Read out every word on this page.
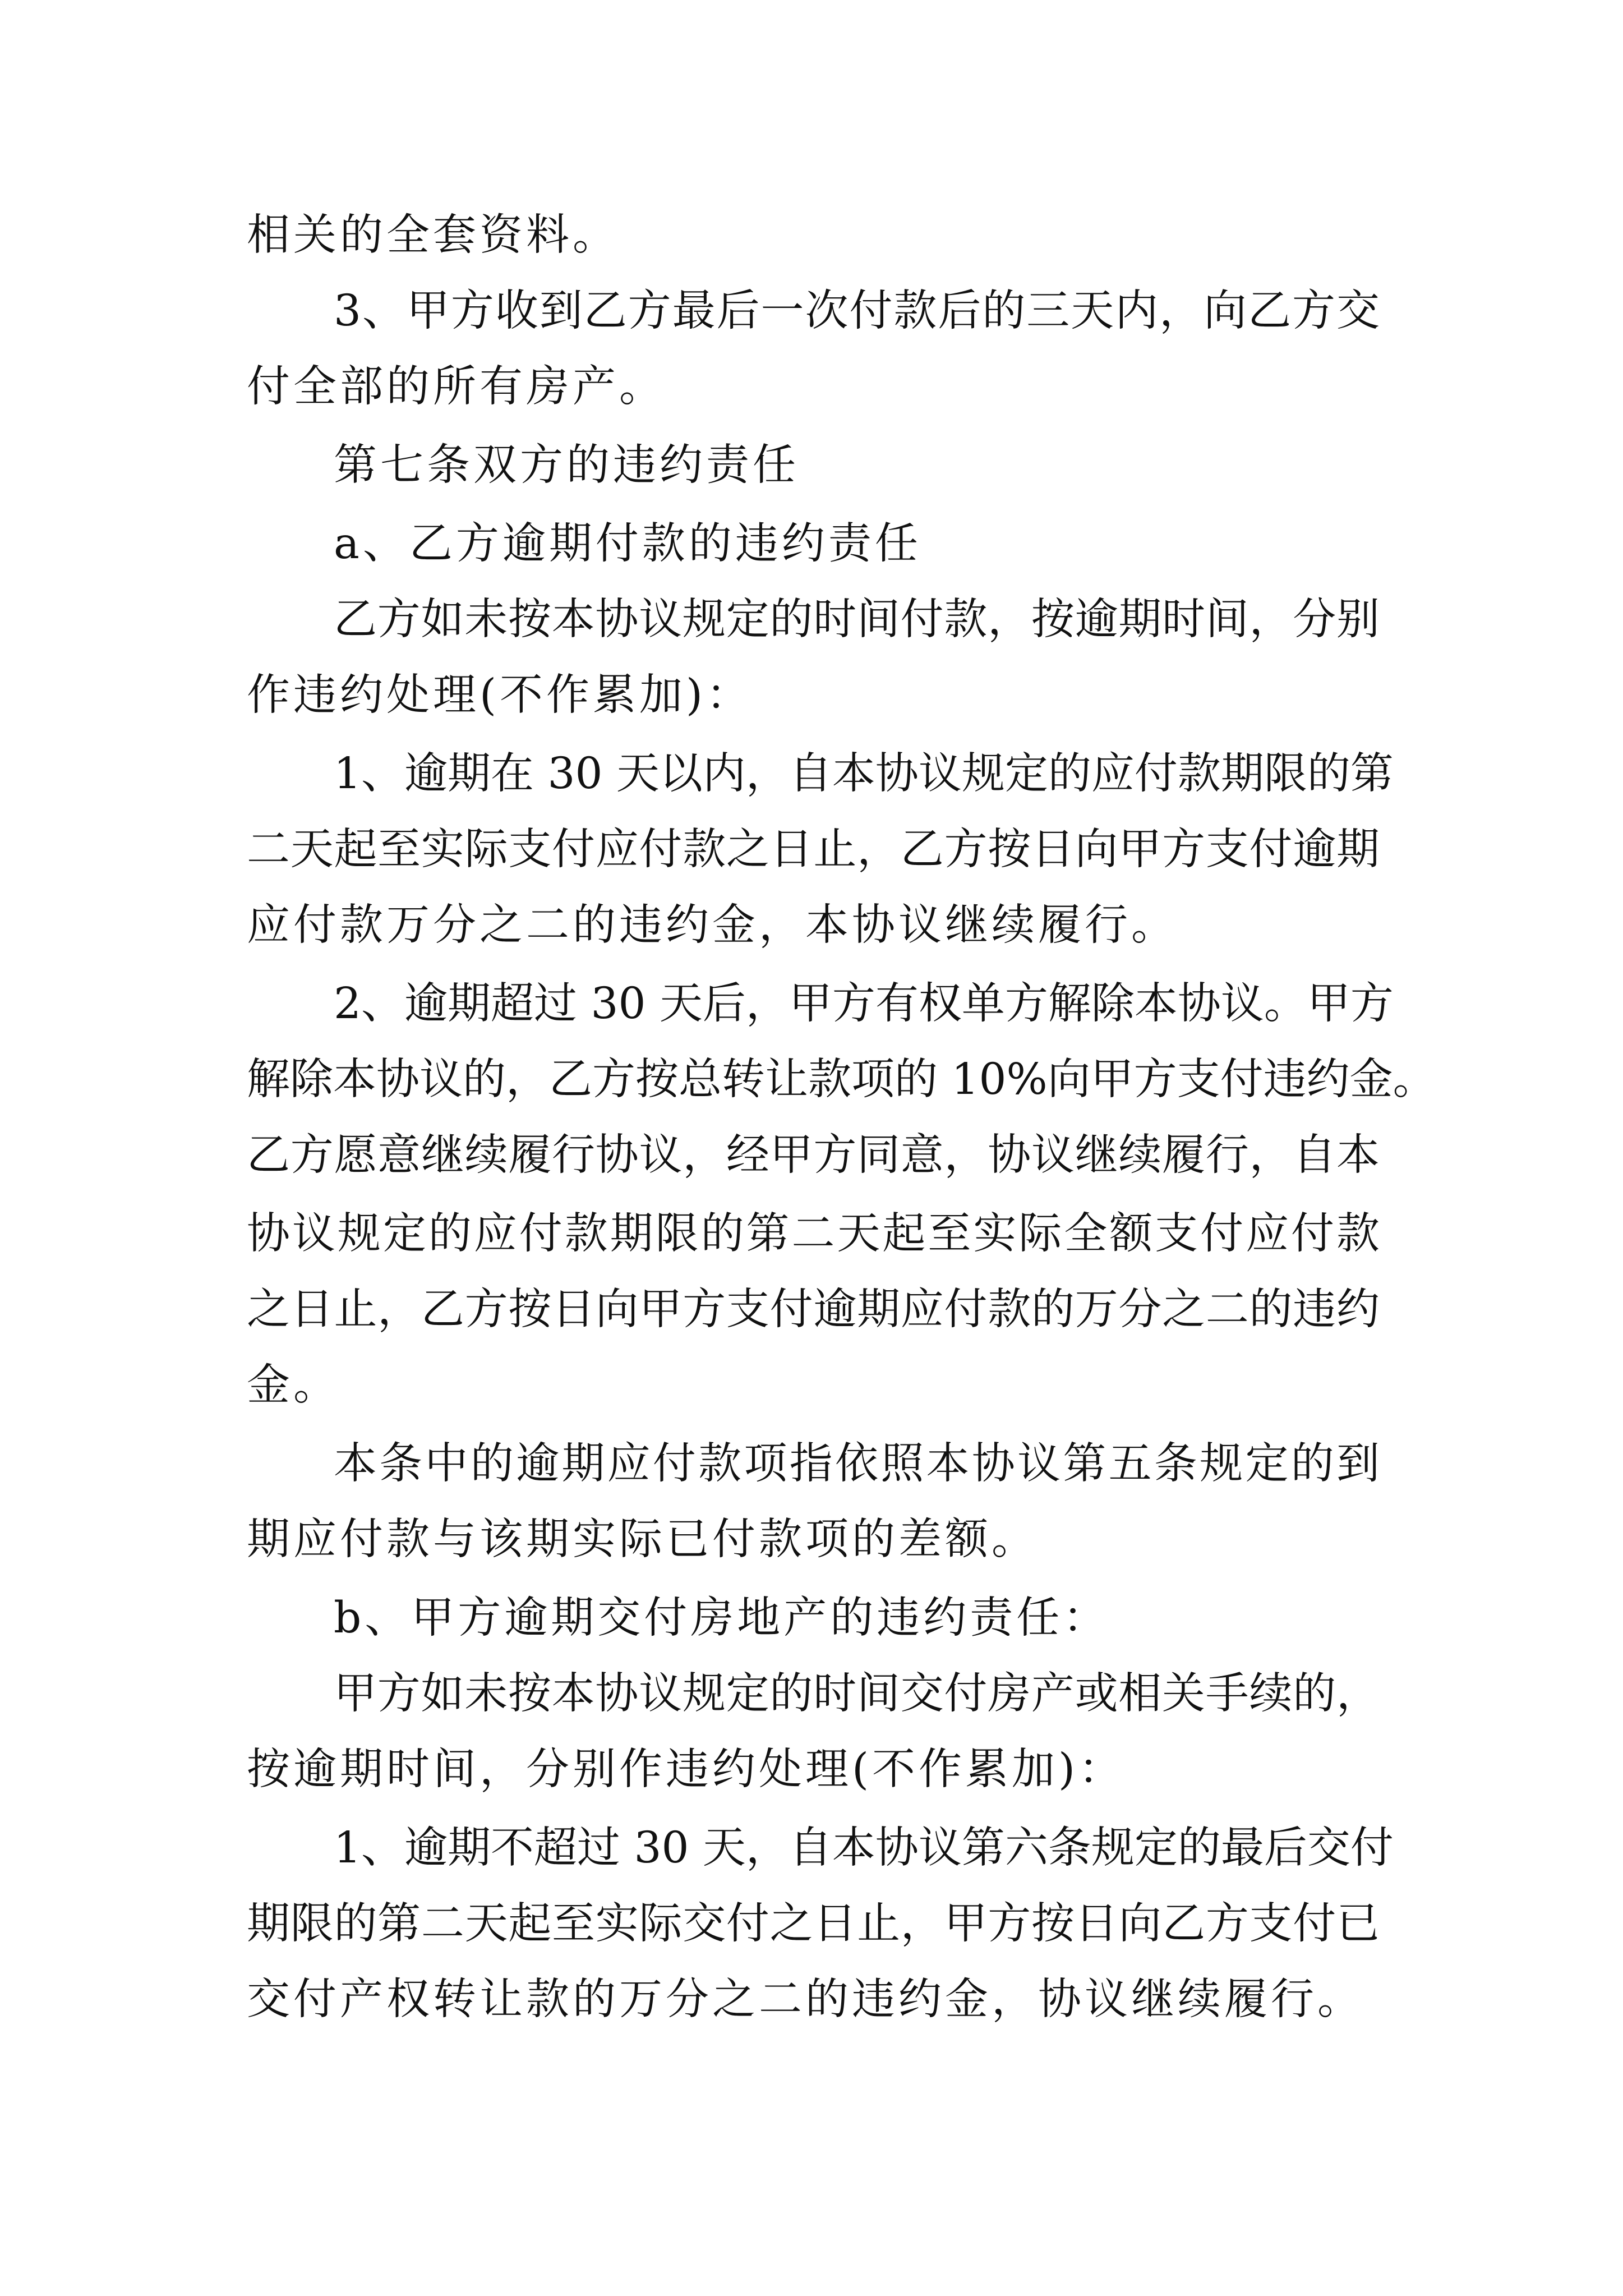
相关的全套资料。
3、甲方收到乙方最后一次付款后的三天内，向乙方交
付全部的所有房产。
第七条双方的违约责任
a、乙方逾期付款的违约责任
乙方如未按本协议规定的时间付款，按逾期时间，分别
作违约处理(不作累加)：
1、逾期在 30 天以内，自本协议规定的应付款期限的第
二天起至实际支付应付款之日止，乙方按日向甲方支付逾期
应付款万分之二的违约金，本协议继续履行。
2、逾期超过 30 天后，甲方有权单方解除本协议。甲方
解除本协议的，乙方按总转让款项的 10%向甲方支付违约金。
乙方愿意继续履行协议，经甲方同意，协议继续履行，自本
协议规定的应付款期限的第二天起至实际全额支付应付款
之日止，乙方按日向甲方支付逾期应付款的万分之二的违约
金。
本条中的逾期应付款项指依照本协议第五条规定的到
期应付款与该期实际已付款项的差额。
b、甲方逾期交付房地产的违约责任：
甲方如未按本协议规定的时间交付房产或相关手续的，
按逾期时间，分别作违约处理(不作累加)：
1、逾期不超过 30 天，自本协议第六条规定的最后交付
期限的第二天起至实际交付之日止，甲方按日向乙方支付已
交付产权转让款的万分之二的违约金，协议继续履行。
